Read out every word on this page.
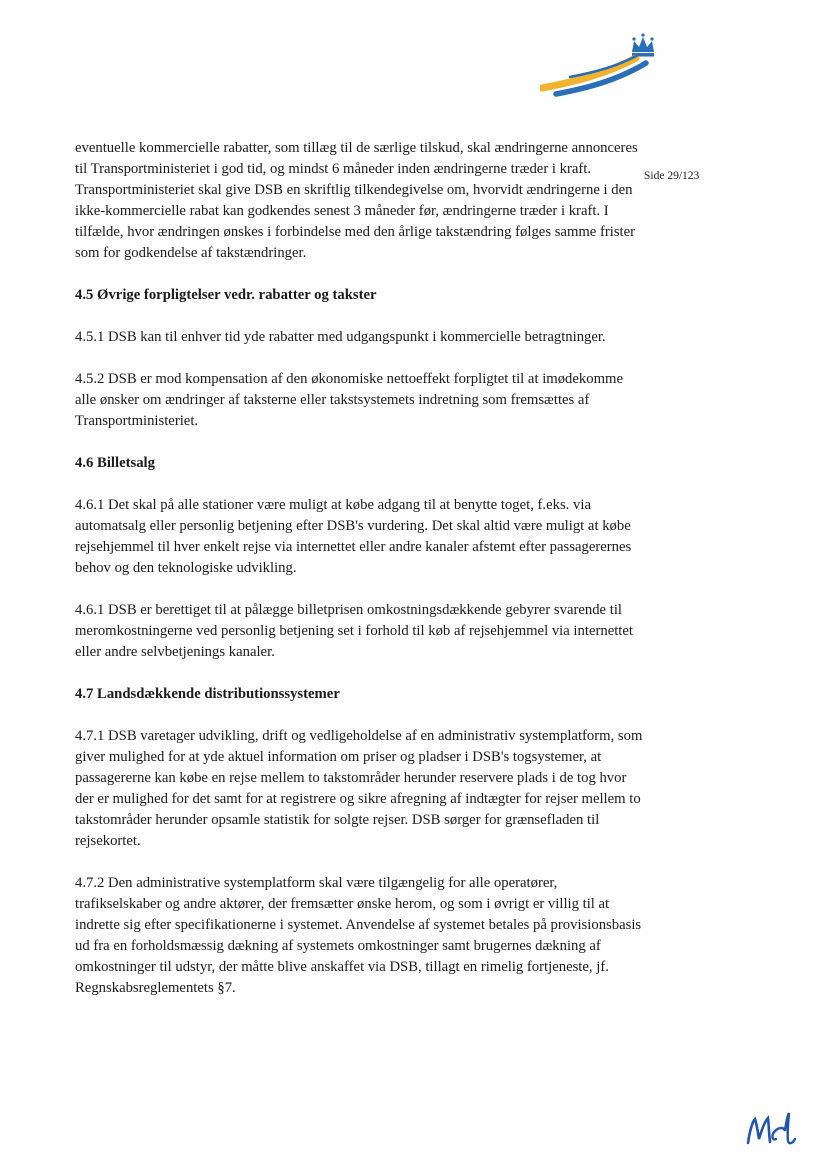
Side 29/123

eventuelle kommercielle rabatter, som tillæg til de særlige tilskud, skal ændringerne annonceres til Transportministeriet i god tid, og mindst 6 måneder inden ændringerne træder i kraft. Transportministeriet skal give DSB en skriftlig tilkendegivelse om, hvorvidt ændringerne i den ikke-kommercielle rabat kan godkendes senest 3 måneder før, ændringerne træder i kraft. I tilfælde, hvor ændringen ønskes i forbindelse med den årlige takstændring følges samme frister som for godkendelse af takstændringer.

4.5 Øvrige forpligtelser vedr. rabatter og takster

4.5.1 DSB kan til enhver tid yde rabatter med udgangspunkt i kommercielle betragtninger.

4.5.2 DSB er mod kompensation af den økonomiske nettoeffekt forpligtet til at imødekomme alle ønsker om ændringer af taksterne eller takstsystemets indretning som fremsættes af Transportministeriet.

4.6 Billetsalg

4.6.1 Det skal på alle stationer være muligt at købe adgang til at benytte toget, f.eks. via automatsalg eller personlig betjening efter DSB's vurdering. Det skal altid være muligt at købe rejsehjemmel til hver enkelt rejse via internettet eller andre kanaler afstemt efter passagerernes behov og den teknologiske udvikling.

4.6.1 DSB er berettiget til at pålægge billetprisen omkostningsdækkende gebyrer svarende til meromkostningerne ved personlig betjening set i forhold til køb af rejsehjemmel via internettet eller andre selvbetjenings kanaler.

4.7 Landsdækkende distributionssystemer

4.7.1 DSB varetager udvikling, drift og vedligeholdelse af en administrativ systemplatform, som giver mulighed for at yde aktuel information om priser og pladser i DSB's togsystemer, at passagererne kan købe en rejse mellem to takstområder herunder reservere plads i de tog hvor der er mulighed for det samt for at registrere og sikre afregning af indtægter for rejser mellem to takstområder herunder opsamle statistik for solgte rejser. DSB sørger for grænsefladen til rejsekortet.

4.7.2 Den administrative systemplatform skal være tilgængelig for alle operatører, trafikselskaber og andre aktører, der fremsætter ønske herom, og som i øvrigt er villig til at indrette sig efter specifikationerne i systemet. Anvendelse af systemet betales på provisionsbasis ud fra en forholdsmæssig dækning af systemets omkostninger samt brugernes dækning af omkostninger til udstyr, der måtte blive anskaffet via DSB, tillagt en rimelig fortjeneste, jf. Regnskabsreglementets §7.
